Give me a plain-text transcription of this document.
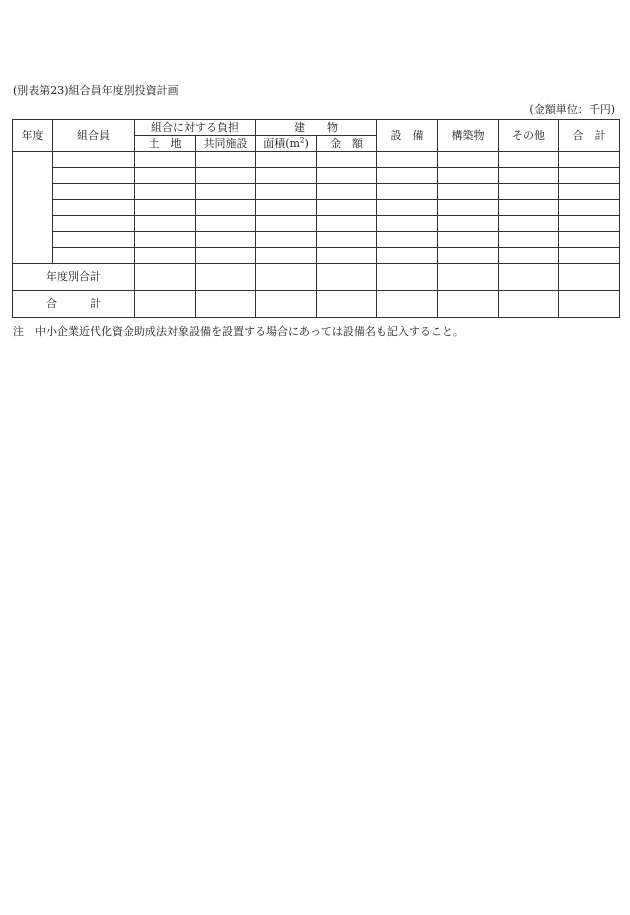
(別表第23)組合員年度別投資計画
(金額単位：千円)
年度	組合員	組合に対する負担		建　　物		設　備	構築物	その他	合　計
		土　地	共同施設	面積$(m^2)$	金　額				

年度別合計									
合　　　計									
注　中小企業近代化資金助成法対象設備を設置する場合にあっては設備名も記入すること。
